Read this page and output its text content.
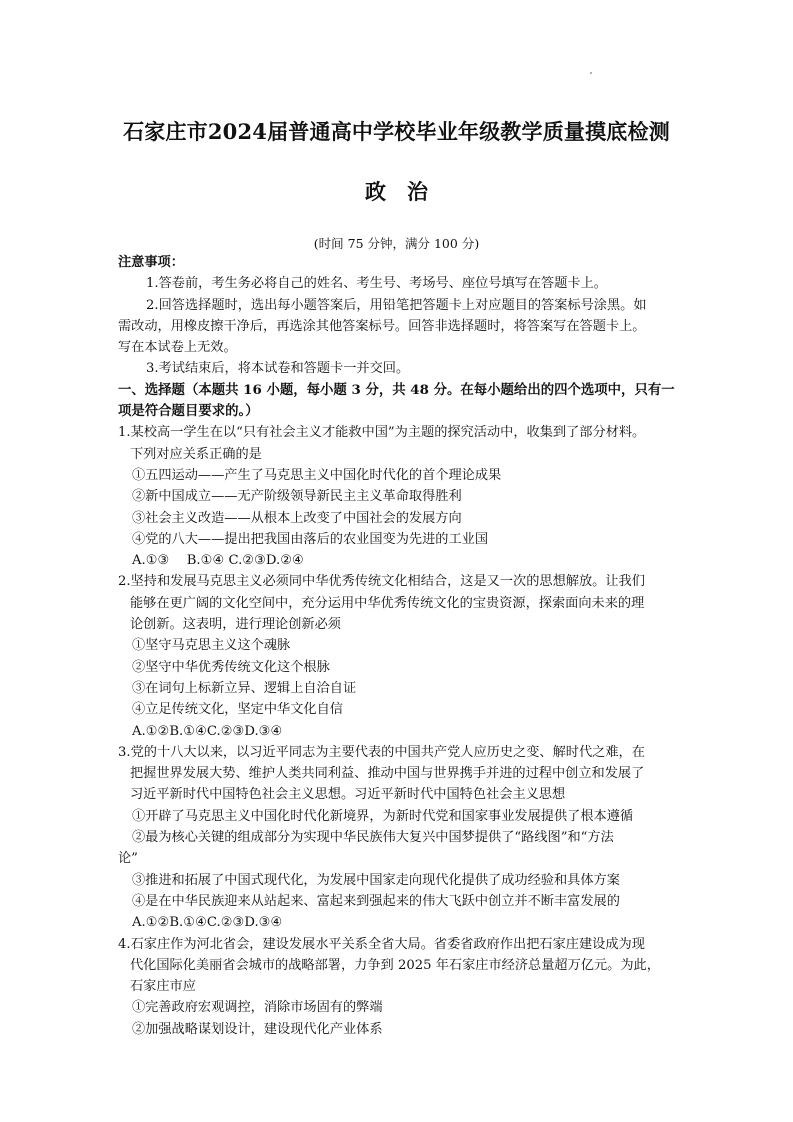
石家庄市2024届普通高中学校毕业年级教学质量摸底检测
政　治
(时间 75 分钟，满分 100 分)
注意事项：
1.答卷前，考生务必将自己的姓名、考生号、考场号、座位号填写在答题卡上。
2.回答选择题时，选出每小题答案后，用铅笔把答题卡上对应题目的答案标号涂黑。如
需改动，用橡皮擦干净后，再选涂其他答案标号。回答非选择题时，将答案写在答题卡上。
写在本试卷上无效。
3.考试结束后，将本试卷和答题卡一并交回。
一、选择题（本题共 16 小题，每小题 3 分，共 48 分。在每小题给出的四个选项中，只有一
项是符合题目要求的。）
1.某校高一学生在以“只有社会主义才能救中国”为主题的探究活动中，收集到了部分材料。
下列对应关系正确的是
①五四运动——产生了马克思主义中国化时代化的首个理论成果
②新中国成立——无产阶级领导新民主主义革命取得胜利
③社会主义改造——从根本上改变了中国社会的发展方向
④党的八大——提出把我国由落后的农业国变为先进的工业国
A.①③　 B.①④ C.②③D.②④
2.坚持和发展马克思主义必须同中华优秀传统文化相结合，这是又一次的思想解放。让我们
能够在更广阔的文化空间中，充分运用中华优秀传统文化的宝贵资源，探索面向未来的理
论创新。这表明，进行理论创新必须
①坚守马克思主义这个魂脉
②坚守中华优秀传统文化这个根脉
③在词句上标新立异、逻辑上自洽自证
④立足传统文化，坚定中华文化自信
A.①②B.①④C.②③D.③④
3.党的十八大以来，以习近平同志为主要代表的中国共产党人应历史之变、解时代之难，在
把握世界发展大势、维护人类共同利益、推动中国与世界携手并进的过程中创立和发展了
习近平新时代中国特色社会主义思想。习近平新时代中国特色社会主义思想
①开辟了马克思主义中国化时代化新境界，为新时代党和国家事业发展提供了根本遵循
②最为核心关键的组成部分为实现中华民族伟大复兴中国梦提供了“路线图”和“方法
论”
③推进和拓展了中国式现代化，为发展中国家走向现代化提供了成功经验和具体方案
④是在中华民族迎来从站起来、富起来到强起来的伟大飞跃中创立并不断丰富发展的
A.①②B.①④C.②③D.③④
4.石家庄作为河北省会，建设发展水平关系全省大局。省委省政府作出把石家庄建设成为现
代化国际化美丽省会城市的战略部署，力争到 2025 年石家庄市经济总量超万亿元。为此，
石家庄市应
①完善政府宏观调控，消除市场固有的弊端
②加强战略谋划设计，建设现代化产业体系
